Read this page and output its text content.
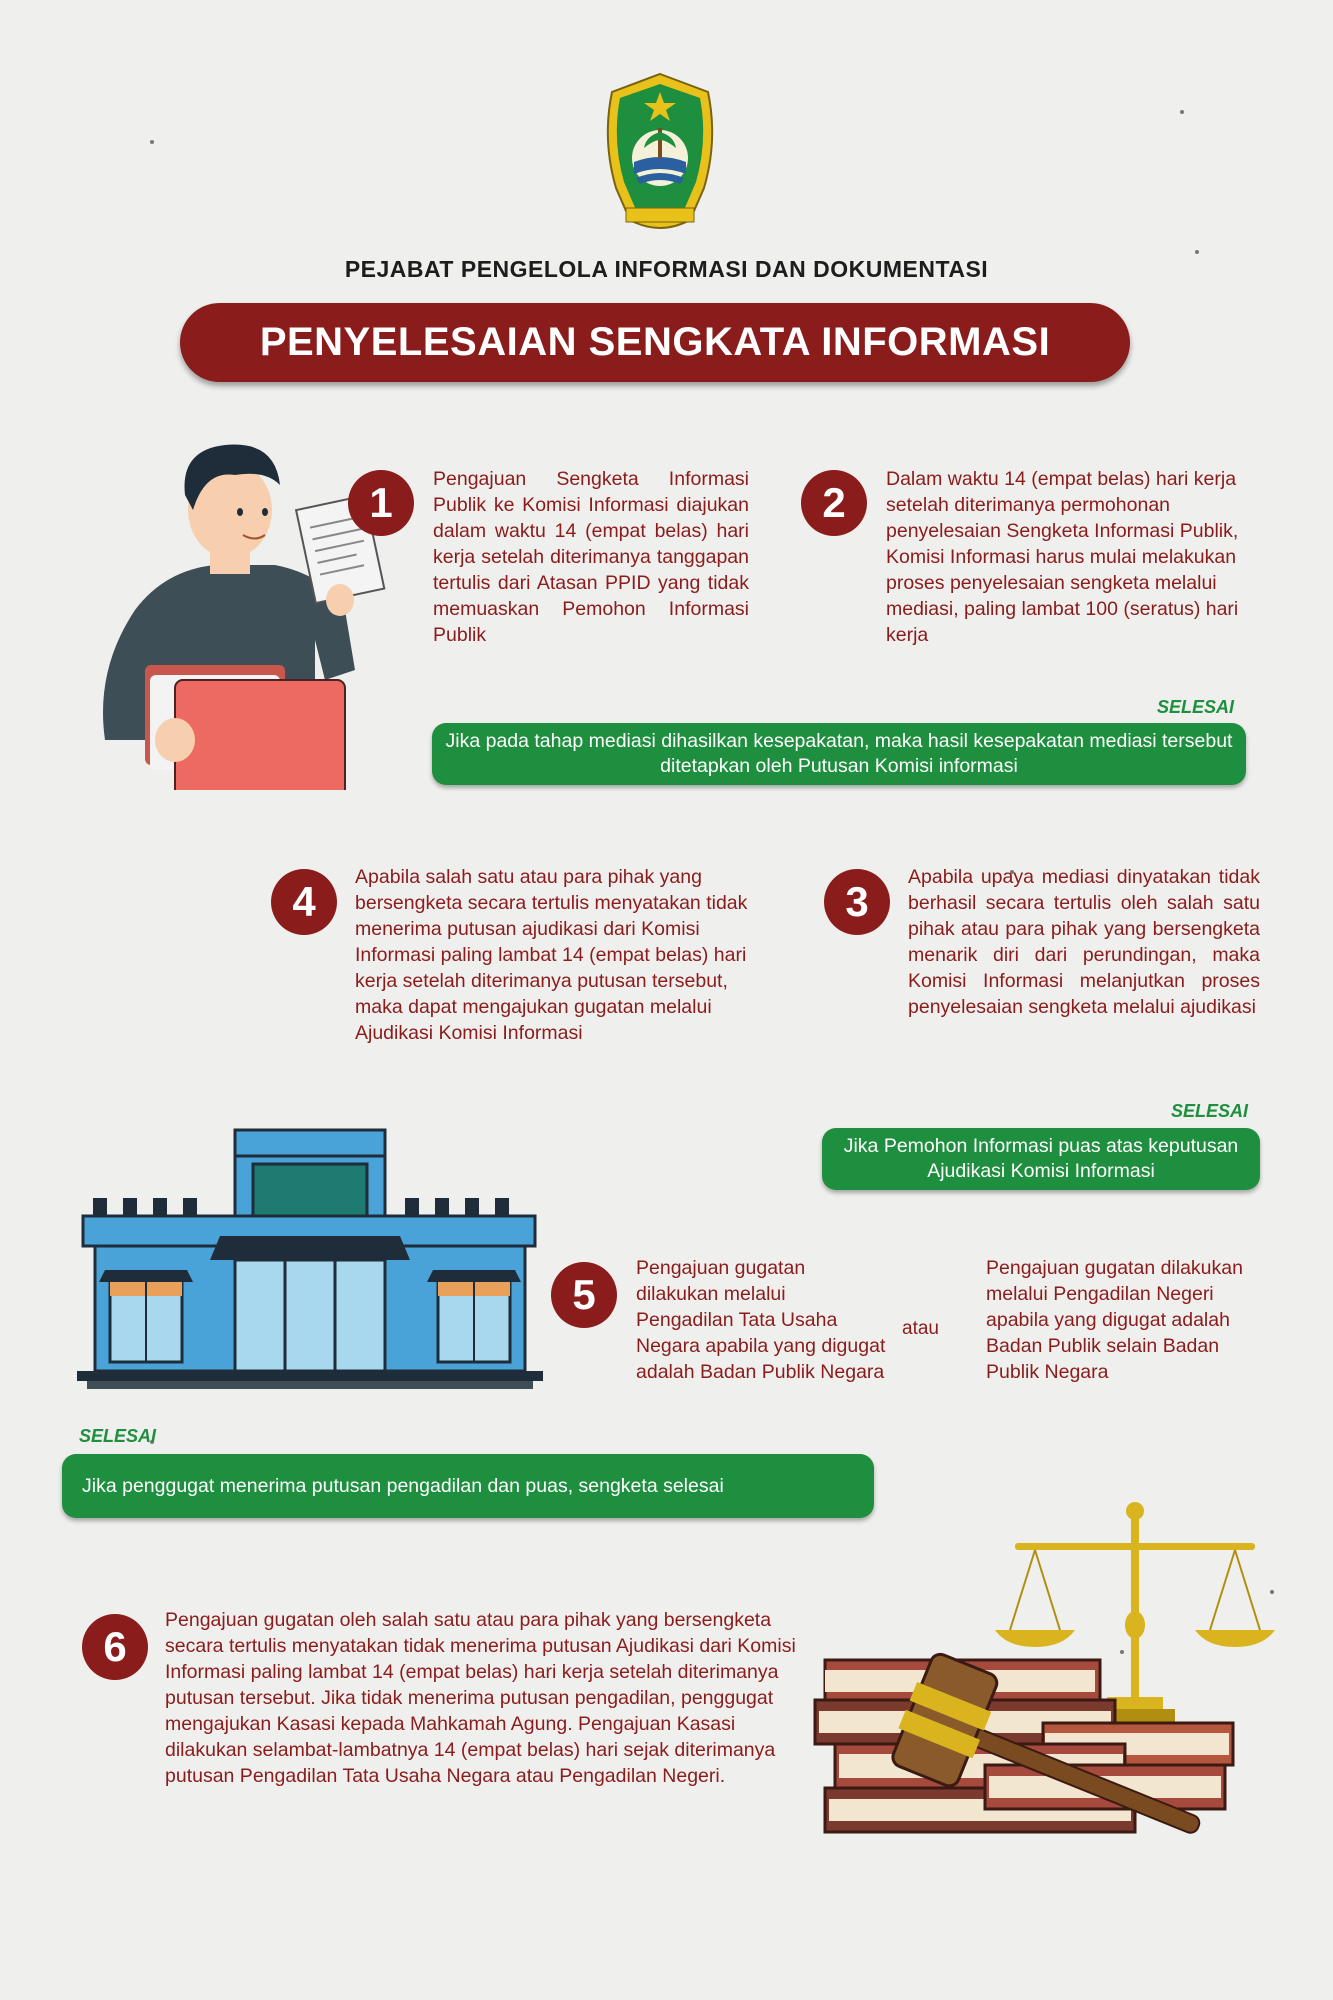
PEJABAT PENGELOLA INFORMASI DAN DOKUMENTASI
PENYELESAIAN SENGKATA INFORMASI
1	Pengajuan Sengketa Informasi Publik ke Komisi Informasi diajukan dalam waktu 14 (empat belas) hari kerja setelah diterimanya tanggapan tertulis dari Atasan PPID yang tidak memuaskan Pemohon Informasi Publik
2	Dalam waktu 14 (empat belas) hari kerja setelah diterimanya permohonan penyelesaian Sengketa Informasi Publik, Komisi Informasi harus mulai melakukan proses penyelesaian sengketa melalui mediasi, paling lambat 100 (seratus) hari kerja
SELESAI
Jika pada tahap mediasi dihasilkan kesepakatan, maka hasil kesepakatan mediasi tersebut ditetapkan oleh Putusan Komisi informasi
4
Apabila salah satu atau para pihak yang bersengketa secara tertulis menyatakan tidak menerima putusan ajudikasi dari Komisi Informasi paling lambat 14 (empat belas) hari kerja setelah diterimanya putusan tersebut, maka dapat mengajukan gugatan melalui Ajudikasi Komisi Informasi
3
Apabila upaya mediasi dinyatakan tidak berhasil secara tertulis oleh salah satu pihak atau para pihak yang bersengketa menarik diri dari perundingan, maka Komisi Informasi melanjutkan proses penyelesaian sengketa melalui ajudikasi
SELESAI
Jika Pemohon Informasi puas atas keputusan Ajudikasi Komisi Informasi
5
Pengajuan gugatan dilakukan melalui Pengadilan Tata Usaha Negara apabila yang digugat adalah Badan Publik Negara
atau
Pengajuan gugatan dilakukan melalui Pengadilan Negeri apabila yang digugat adalah Badan Publik selain Badan Publik Negara
SELESAI
Jika penggugat menerima putusan pengadilan dan puas, sengketa selesai
6
Pengajuan gugatan oleh salah satu atau para pihak yang bersengketa secara tertulis menyatakan tidak menerima putusan Ajudikasi dari Komisi Informasi paling lambat 14 (empat belas) hari kerja setelah diterimanya putusan tersebut. Jika tidak menerima putusan pengadilan, penggugat mengajukan Kasasi kepada Mahkamah Agung. Pengajuan Kasasi dilakukan selambat-lambatnya 14 (empat belas) hari sejak diterimanya putusan Pengadilan Tata Usaha Negara atau Pengadilan Negeri.
